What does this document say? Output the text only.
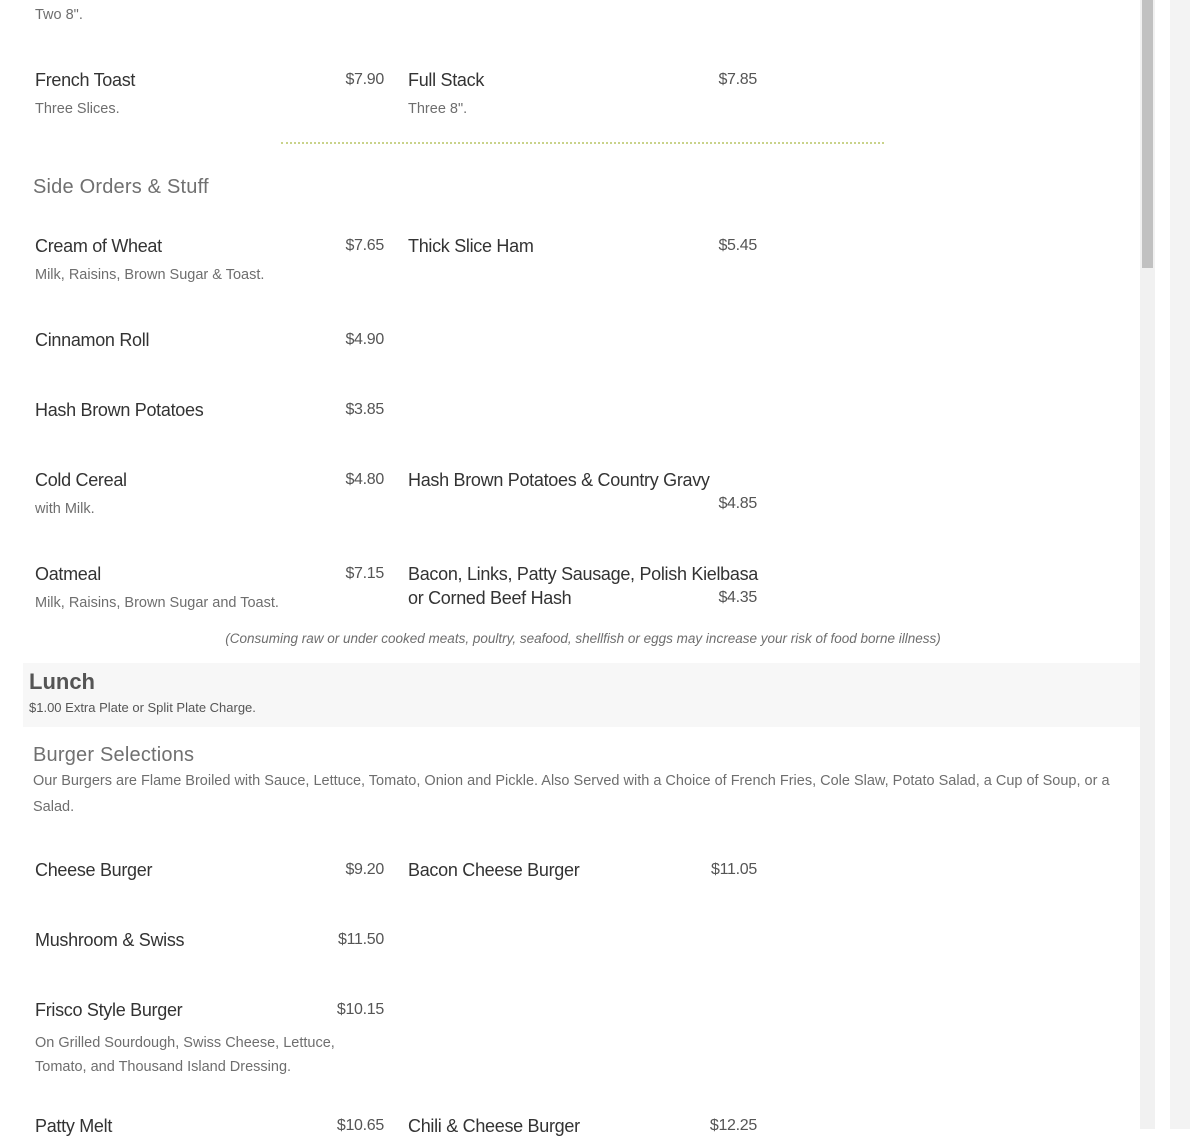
Two 8".
French Toast	$7.90
Three Slices.
Full Stack	$7.85
Three 8".
Side Orders & Stuff
Cream of Wheat	$7.65
Milk, Raisins, Brown Sugar & Toast.
Thick Slice Ham	$5.45
Cinnamon Roll	$4.90
Hash Brown Potatoes	$3.85
Cold Cereal	$4.80
with Milk.
Hash Brown Potatoes & Country Gravy
$4.85
Oatmeal	$7.15
Milk, Raisins, Brown Sugar and Toast.
Bacon, Links, Patty Sausage, Polish Kielbasa
or Corned Beef Hash	$4.35
(Consuming raw or under cooked meats, poultry, seafood, shellfish or eggs may increase your risk of food borne illness)
Lunch
$1.00 Extra Plate or Split Plate Charge.
Burger Selections
Our Burgers are Flame Broiled with Sauce, Lettuce, Tomato, Onion and Pickle. Also Served with a Choice of French Fries, Cole Slaw, Potato Salad, a Cup of Soup, or a Salad.
Cheese Burger	$9.20 Bacon Cheese Burger	$11.05
Mushroom & Swiss	$11.50
Frisco Style Burger	$10.15
On Grilled Sourdough, Swiss Cheese, Lettuce, Tomato, and Thousand Island Dressing.
Patty Melt	$10.65 Chili & Cheese Burger	$12.25
